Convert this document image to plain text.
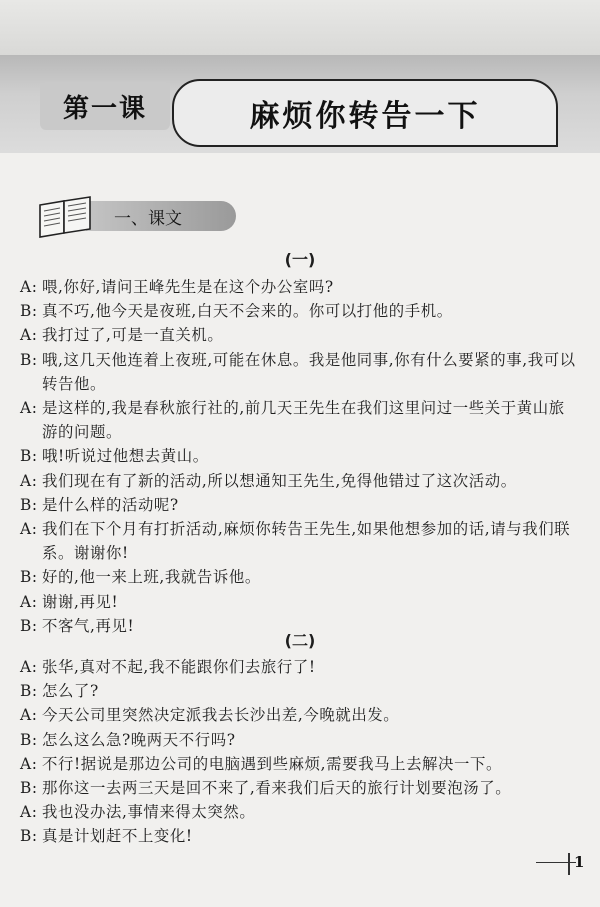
第一课	麻烦你转告一下
一、课文
(一)
A: 喂,你好,请问王峰先生是在这个办公室吗?
B: 真不巧,他今天是夜班,白天不会来的。你可以打他的手机。
A: 我打过了,可是一直关机。
B: 哦,这几天他连着上夜班,可能在休息。我是他同事,你有什么要紧的事,我可以转告他。
A: 是这样的,我是春秋旅行社的,前几天王先生在我们这里问过一些关于黄山旅游的问题。
B: 哦!听说过他想去黄山。
A: 我们现在有了新的活动,所以想通知王先生,免得他错过了这次活动。
B: 是什么样的活动呢?
A: 我们在下个月有打折活动,麻烦你转告王先生,如果他想参加的话,请与我们联系。谢谢你!
B: 好的,他一来上班,我就告诉他。
A: 谢谢,再见!
B: 不客气,再见!
(二)
A: 张华,真对不起,我不能跟你们去旅行了!
B: 怎么了?
A: 今天公司里突然决定派我去长沙出差,今晚就出发。
B: 怎么这么急?晚两天不行吗?
A: 不行!据说是那边公司的电脑遇到些麻烦,需要我马上去解决一下。
B: 那你这一去两三天是回不来了,看来我们后天的旅行计划要泡汤了。
A: 我也没办法,事情来得太突然。
B: 真是计划赶不上变化!
1
